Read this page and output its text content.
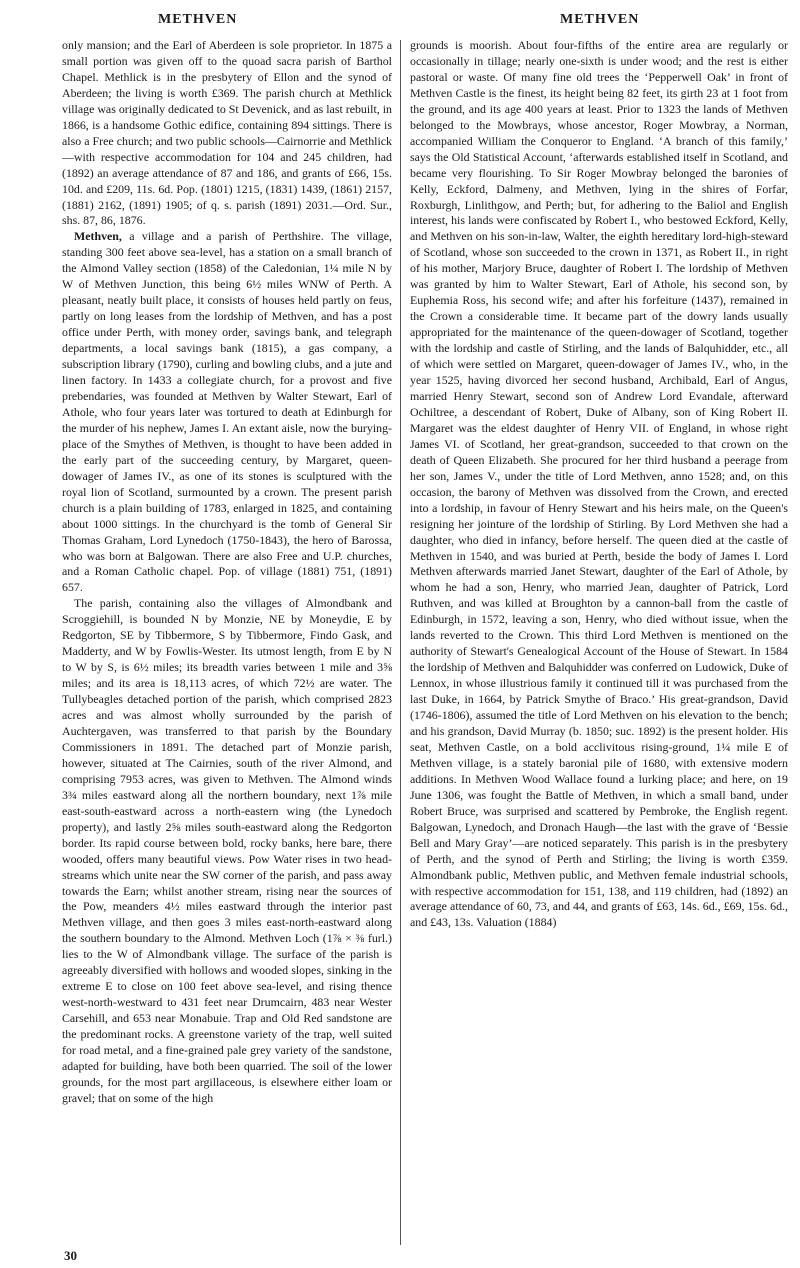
METHVEN	METHVEN

only mansion; and the Earl of Aberdeen is sole proprietor. In 1875 a small portion was given off to the quoad sacra parish of Barthol Chapel. Methlick is in the presbytery of Ellon and the synod of Aberdeen; the living is worth £369. The parish church at Methlick village was originally dedicated to St Devenick, and as last rebuilt, in 1866, is a handsome Gothic edifice, containing 894 sittings. There is also a Free church; and two public schools—Cairnorrie and Methlick—with respective accommodation for 104 and 245 children, had (1892) an average attendance of 87 and 186, and grants of £66, 15s. 10d. and £209, 11s. 6d. Pop. (1801) 1215, (1831) 1439, (1861) 2157, (1881) 2162, (1891) 1905; of q. s. parish (1891) 2031.—Ord. Sur., shs. 87, 86, 1876.

Methven, a village and a parish of Perthshire. The village, standing 300 feet above sea-level, has a station on a small branch of the Almond Valley section (1858) of the Caledonian, 1¼ mile N by W of Methven Junction, this being 6½ miles WNW of Perth. A pleasant, neatly built place, it consists of houses held partly on feus, partly on long leases from the lordship of Methven, and has a post office under Perth, with money order, savings bank, and telegraph departments, a local savings bank (1815), a gas company, a subscription library (1790), curling and bowling clubs, and a jute and linen factory. In 1433 a collegiate church, for a provost and five prebendaries, was founded at Methven by Walter Stewart, Earl of Athole, who four years later was tortured to death at Edinburgh for the murder of his nephew, James I. An extant aisle, now the burying-place of the Smythes of Methven, is thought to have been added in the early part of the succeeding century, by Margaret, queen-dowager of James IV., as one of its stones is sculptured with the royal lion of Scotland, surmounted by a crown. The present parish church is a plain building of 1783, enlarged in 1825, and containing about 1000 sittings. In the churchyard is the tomb of General Sir Thomas Graham, Lord Lynedoch (1750-1843), the hero of Barossa, who was born at Balgowan. There are also Free and U.P. churches, and a Roman Catholic chapel. Pop. of village (1881) 751, (1891) 657.

The parish, containing also the villages of Almondbank and Scroggiehill, is bounded N by Monzie, NE by Moneydie, E by Redgorton, SE by Tibbermore, S by Tibbermore, Findo Gask, and Madderty, and W by Fowlis-Wester. Its utmost length, from E by N to W by S, is 6½ miles; its breadth varies between 1 mile and 3⅝ miles; and its area is 18,113 acres, of which 72½ are water. The Tullybeagles detached portion of the parish, which comprised 2823 acres and was almost wholly surrounded by the parish of Auchtergaven, was transferred to that parish by the Boundary Commissioners in 1891. The detached part of Monzie parish, however, situated at The Cairnies, south of the river Almond, and comprising 7953 acres, was given to Methven. The Almond winds 3¾ miles eastward along all the northern boundary, next 1⅞ mile east-south-eastward across a north-eastern wing (the Lynedoch property), and lastly 2⅝ miles south-eastward along the Redgorton border. Its rapid course between bold, rocky banks, here bare, there wooded, offers many beautiful views. Pow Water rises in two head-streams which unite near the SW corner of the parish, and pass away towards the Earn; whilst another stream, rising near the sources of the Pow, meanders 4½ miles eastward through the interior past Methven village, and then goes 3 miles east-north-eastward along the southern boundary to the Almond. Methven Loch (1⅞ × ⅜ furl.) lies to the W of Almondbank village. The surface of the parish is agreeably diversified with hollows and wooded slopes, sinking in the extreme E to close on 100 feet above sea-level, and rising thence west-north-westward to 431 feet near Drumcairn, 483 near Wester Carsehill, and 653 near Monabuie. Trap and Old Red sandstone are the predominant rocks. A greenstone variety of the trap, well suited for road metal, and a fine-grained pale grey variety of the sandstone, adapted for building, have both been quarried. The soil of the lower grounds, for the most part argillaceous, is elsewhere either loam or gravel; that on some of the high

grounds is moorish. About four-fifths of the entire area are regularly or occasionally in tillage; nearly one-sixth is under wood; and the rest is either pastoral or waste. Of many fine old trees the ‘Pepperwell Oak’ in front of Methven Castle is the finest, its height being 82 feet, its girth 23 at 1 foot from the ground, and its age 400 years at least. Prior to 1323 the lands of Methven belonged to the Mowbrays, whose ancestor, Roger Mowbray, a Norman, accompanied William the Conqueror to England. ‘A branch of this family,’ says the Old Statistical Account, ‘afterwards established itself in Scotland, and became very flourishing. To Sir Roger Mowbray belonged the baronies of Kelly, Eckford, Dalmeny, and Methven, lying in the shires of Forfar, Roxburgh, Linlithgow, and Perth; but, for adhering to the Baliol and English interest, his lands were confiscated by Robert I., who bestowed Eckford, Kelly, and Methven on his son-in-law, Walter, the eighth hereditary lord-high-steward of Scotland, whose son succeeded to the crown in 1371, as Robert II., in right of his mother, Marjory Bruce, daughter of Robert I. The lordship of Methven was granted by him to Walter Stewart, Earl of Athole, his second son, by Euphemia Ross, his second wife; and after his forfeiture (1437), remained in the Crown a considerable time. It became part of the dowry lands usually appropriated for the maintenance of the queen-dowager of Scotland, together with the lordship and castle of Stirling, and the lands of Balquhidder, etc., all of which were settled on Margaret, queen-dowager of James IV., who, in the year 1525, having divorced her second husband, Archibald, Earl of Angus, married Henry Stewart, second son of Andrew Lord Evandale, afterward Ochiltree, a descendant of Robert, Duke of Albany, son of King Robert II. Margaret was the eldest daughter of Henry VII. of England, in whose right James VI. of Scotland, her great-grandson, succeeded to that crown on the death of Queen Elizabeth. She procured for her third husband a peerage from her son, James V., under the title of Lord Methven, anno 1528; and, on this occasion, the barony of Methven was dissolved from the Crown, and erected into a lordship, in favour of Henry Stewart and his heirs male, on the Queen's resigning her jointure of the lordship of Stirling. By Lord Methven she had a daughter, who died in infancy, before herself. The queen died at the castle of Methven in 1540, and was buried at Perth, beside the body of James I. Lord Methven afterwards married Janet Stewart, daughter of the Earl of Athole, by whom he had a son, Henry, who married Jean, daughter of Patrick, Lord Ruthven, and was killed at Broughton by a cannon-ball from the castle of Edinburgh, in 1572, leaving a son, Henry, who died without issue, when the lands reverted to the Crown. This third Lord Methven is mentioned on the authority of Stewart's Genealogical Account of the House of Stewart. In 1584 the lordship of Methven and Balquhidder was conferred on Ludowick, Duke of Lennox, in whose illustrious family it continued till it was purchased from the last Duke, in 1664, by Patrick Smythe of Braco.’ His great-grandson, David (1746-1806), assumed the title of Lord Methven on his elevation to the bench; and his grandson, David Murray (b. 1850; suc. 1892) is the present holder. His seat, Methven Castle, on a bold acclivitous rising-ground, 1¼ mile E of Methven village, is a stately baronial pile of 1680, with extensive modern additions. In Methven Wood Wallace found a lurking place; and here, on 19 June 1306, was fought the Battle of Methven, in which a small band, under Robert Bruce, was surprised and scattered by Pembroke, the English regent. Balgowan, Lynedoch, and Dronach Haugh—the last with the grave of ‘Bessie Bell and Mary Gray’—are noticed separately. This parish is in the presbytery of Perth, and the synod of Perth and Stirling; the living is worth £359. Almondbank public, Methven public, and Methven female industrial schools, with respective accommodation for 151, 138, and 119 children, had (1892) an average attendance of 60, 73, and 44, and grants of £63, 14s. 6d., £69, 15s. 6d., and £43, 13s. Valuation (1884)

30
